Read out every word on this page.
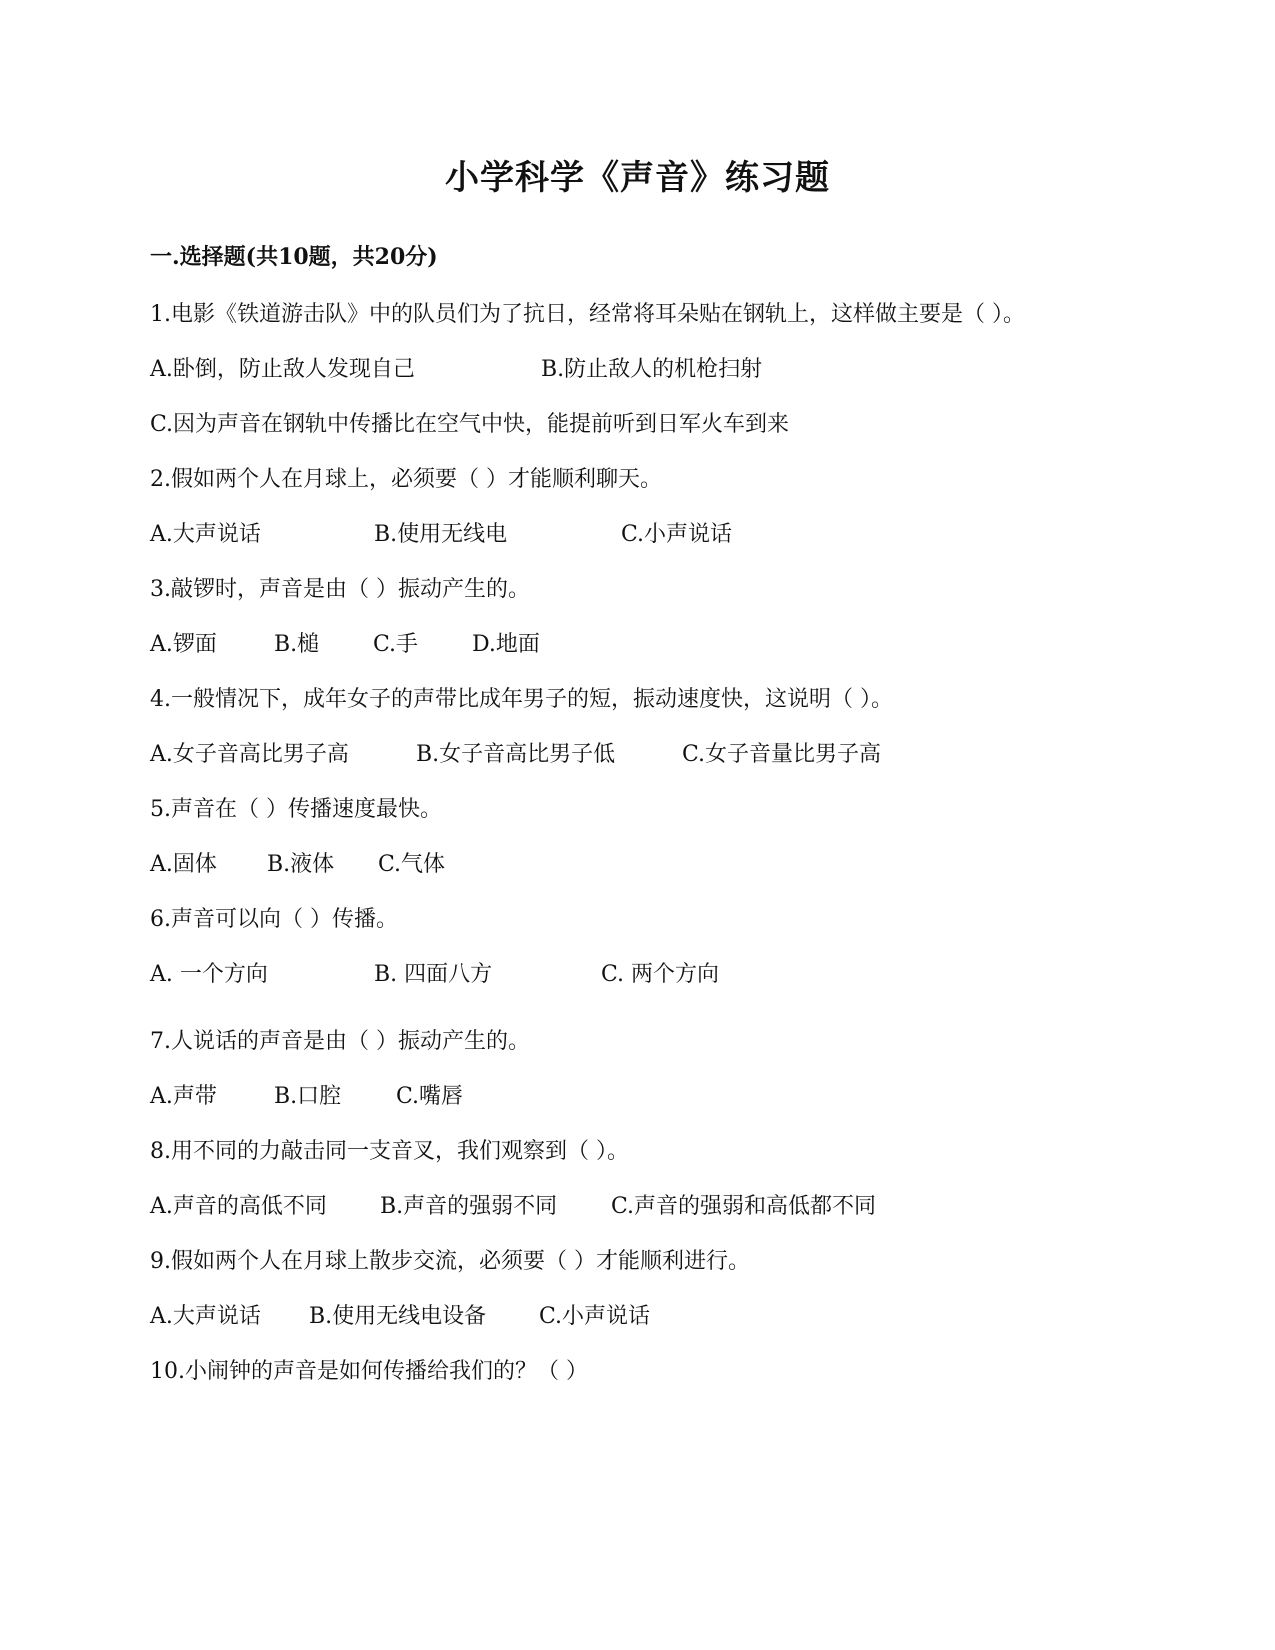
小学科学《声音》练习题
一.选择题(共10题，共20分)
1.电影《铁道游击队》中的队员们为了抗日，经常将耳朵贴在钢轨上，这样做主要是（ ）。
A.卧倒，防止敌人发现自己	B.防止敌人的机枪扫射
C.因为声音在钢轨中传播比在空气中快，能提前听到日军火车到来
2.假如两个人在月球上，必须要（ ）才能顺利聊天。
A.大声说话	B.使用无线电	C.小声说话
3.敲锣时，声音是由（ ）振动产生的。
A.锣面	B.槌	C.手	D.地面
4.一般情况下，成年女子的声带比成年男子的短，振动速度快，这说明（ ）。
A.女子音高比男子高	B.女子音高比男子低	C.女子音量比男子高
5.声音在（ ）传播速度最快。
A.固体	B.液体	C.气体
6.声音可以向（ ）传播。
A. 一个方向	B. 四面八方	C. 两个方向
7.人说话的声音是由（ ）振动产生的。
A.声带	B.口腔	C.嘴唇
8.用不同的力敲击同一支音叉，我们观察到（ ）。
A.声音的高低不同	B.声音的强弱不同	C.声音的强弱和高低都不同
9.假如两个人在月球上散步交流，必须要（ ）才能顺利进行。
A.大声说话	B.使用无线电设备	C.小声说话
10.小闹钟的声音是如何传播给我们的？（ ）
